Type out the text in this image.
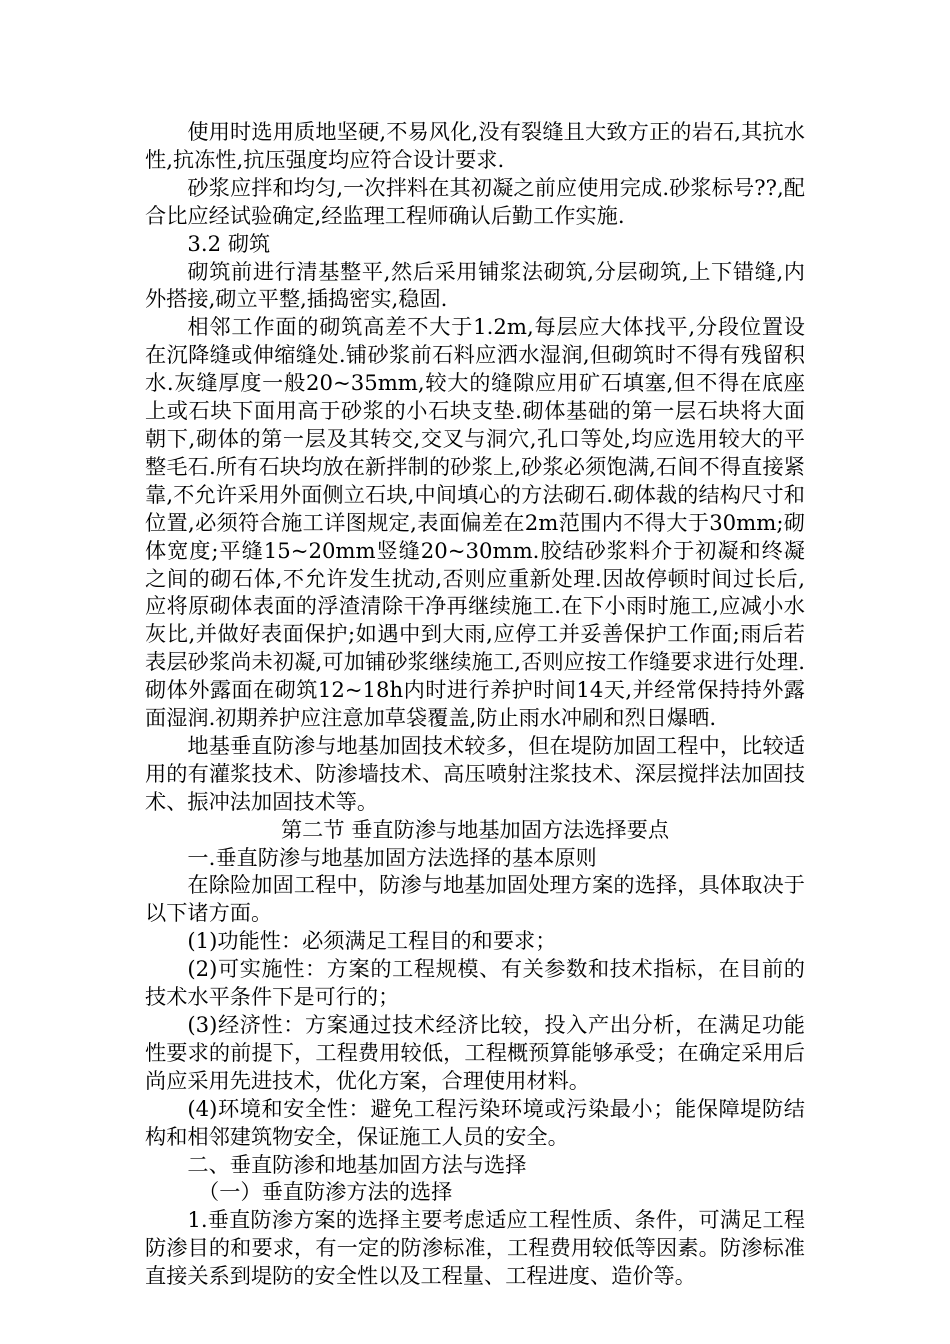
使用时选用质地坚硬,不易风化,没有裂缝且大致方正的岩石,其抗水性,抗冻性,抗压强度均应符合设计要求.

砂浆应拌和均匀,一次拌料在其初凝之前应使用完成.砂浆标号??,配合比应经试验确定,经监理工程师确认后勤工作实施.

3.2 砌筑

砌筑前进行清基整平,然后采用铺浆法砌筑,分层砌筑,上下错缝,内外搭接,砌立平整,插捣密实,稳固.

相邻工作面的砌筑高差不大于1.2m,每层应大体找平,分段位置设在沉降缝或伸缩缝处.铺砂浆前石料应洒水湿润,但砌筑时不得有残留积水.灰缝厚度一般20~35mm,较大的缝隙应用矿石填塞,但不得在底座上或石块下面用高于砂浆的小石块支垫.砌体基础的第一层石块将大面朝下,砌体的第一层及其转交,交叉与洞穴,孔口等处,均应选用较大的平整毛石.所有石块均放在新拌制的砂浆上,砂浆必须饱满,石间不得直接紧靠,不允许采用外面侧立石块,中间填心的方法砌石.砌体裁的结构尺寸和位置,必须符合施工详图规定,表面偏差在2m范围内不得大于30mm;砌体宽度;平缝15~20mm竖缝20~30mm.胶结砂浆料介于初凝和终凝之间的砌石体,不允许发生扰动,否则应重新处理.因故停顿时间过长后,应将原砌体表面的浮渣清除干净再继续施工.在下小雨时施工,应减小水灰比,并做好表面保护;如遇中到大雨,应停工并妥善保护工作面;雨后若表层砂浆尚未初凝,可加铺砂浆继续施工,否则应按工作缝要求进行处理.砌体外露面在砌筑12~18h内时进行养护时间14天,并经常保持持外露面湿润.初期养护应注意加草袋覆盖,防止雨水冲刷和烈日爆晒.

地基垂直防渗与地基加固技术较多，但在堤防加固工程中，比较适用的有灌浆技术、防渗墙技术、高压喷射注浆技术、深层搅拌法加固技术、振冲法加固技术等。

第二节 垂直防渗与地基加固方法选择要点

一.垂直防渗与地基加固方法选择的基本原则

在除险加固工程中，防渗与地基加固处理方案的选择，具体取决于以下诸方面。

(1)功能性：必须满足工程目的和要求；

(2)可实施性：方案的工程规模、有关参数和技术指标，在目前的技术水平条件下是可行的；

(3)经济性：方案通过技术经济比较，投入产出分析，在满足功能性要求的前提下，工程费用较低，工程概预算能够承受；在确定采用后尚应采用先进技术，优化方案，合理使用材料。

(4)环境和安全性：避免工程污染环境或污染最小；能保障堤防结构和相邻建筑物安全，保证施工人员的安全。

二、垂直防渗和地基加固方法与选择

（一）垂直防渗方法的选择

1.垂直防渗方案的选择主要考虑适应工程性质、条件，可满足工程防渗目的和要求，有一定的防渗标准，工程费用较低等因素。防渗标准直接关系到堤防的安全性以及工程量、工程进度、造价等。
